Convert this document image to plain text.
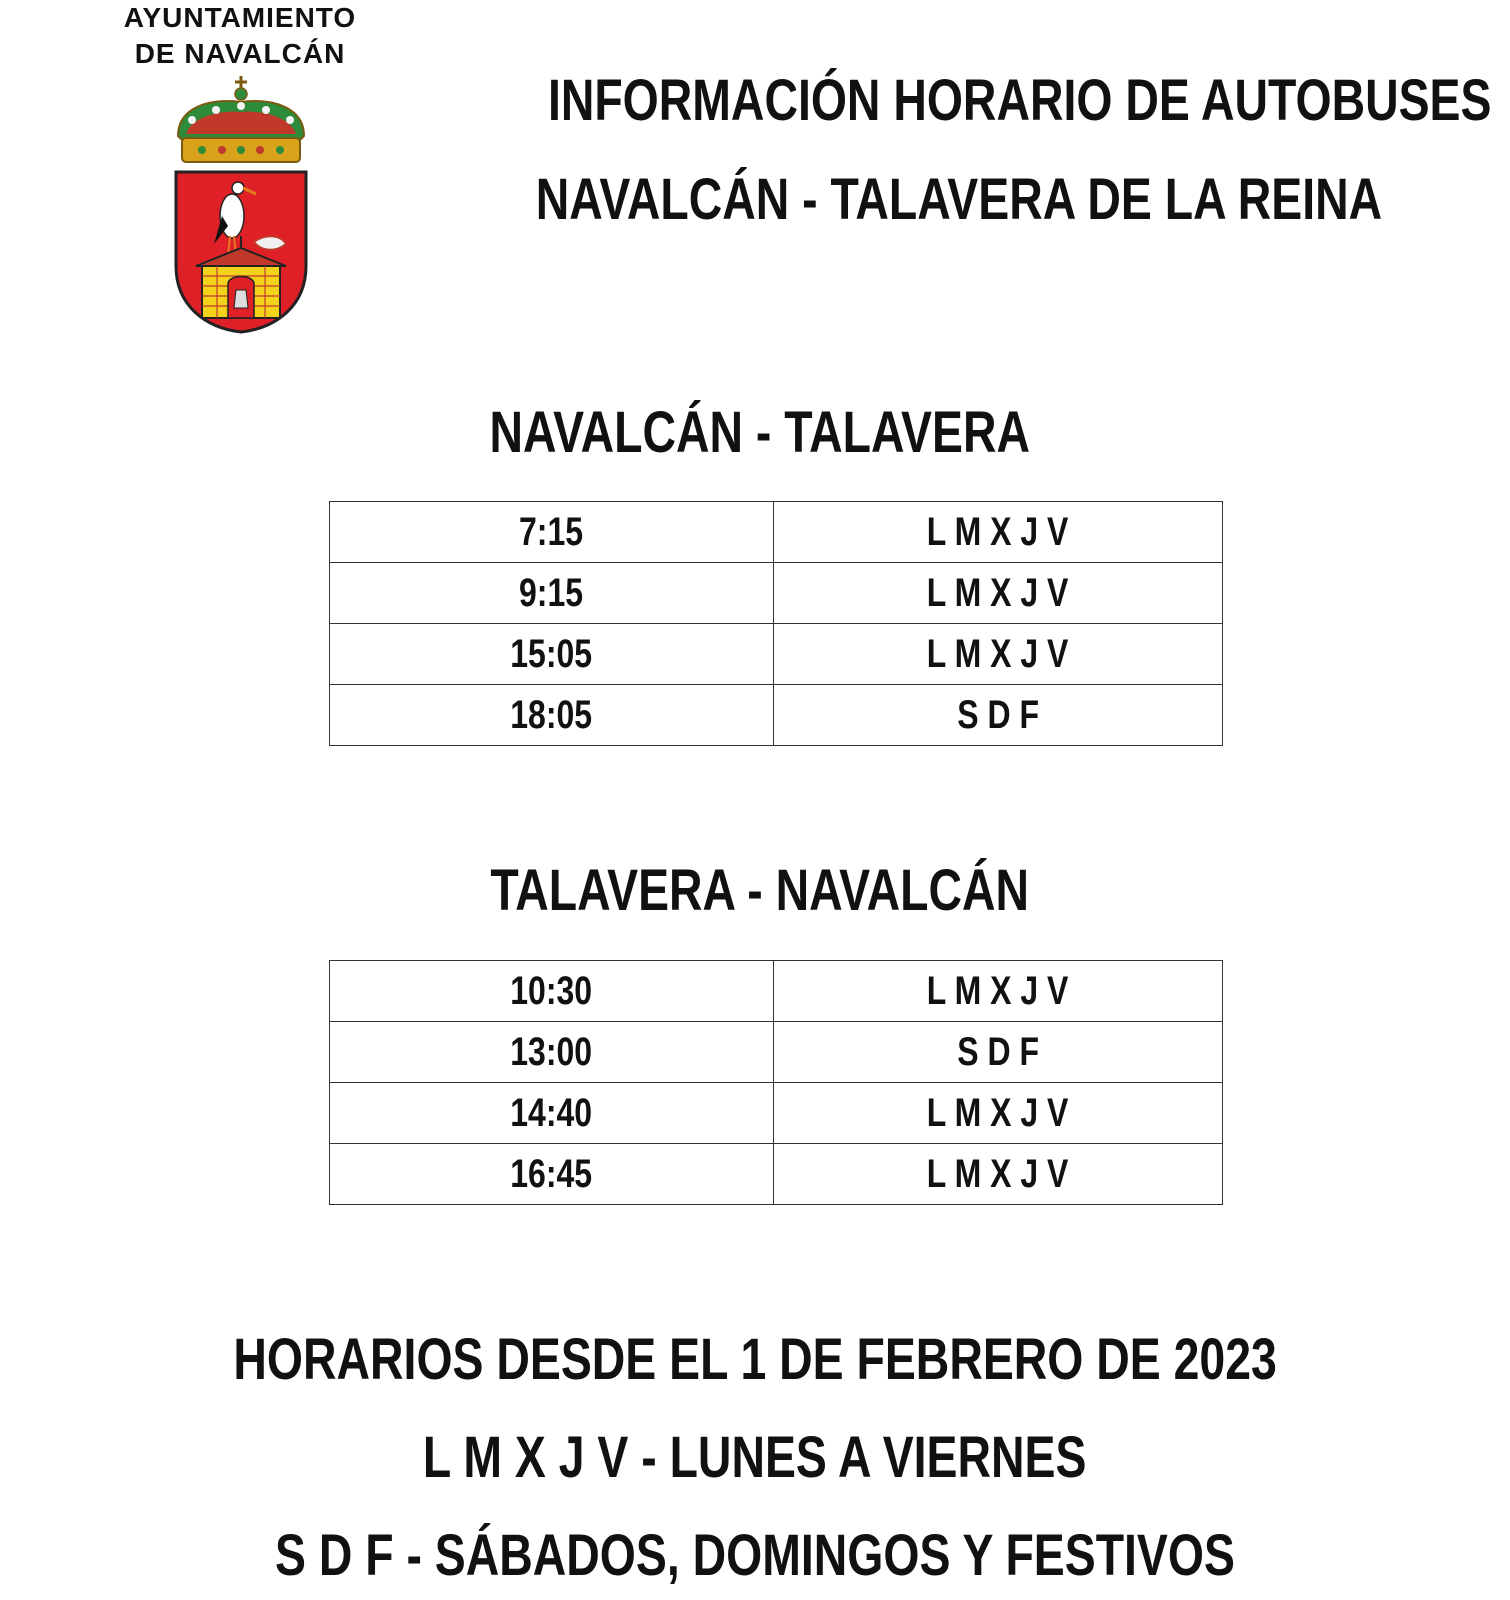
AYUNTAMIENTO
DE NAVALCÁN
INFORMACIÓN HORARIO DE AUTOBUSES
NAVALCÁN - TALAVERA DE LA REINA
NAVALCÁN - TALAVERA
7:15	L M X J V
9:15	L M X J V
15:05	L M X J V
18:05	S D F
TALAVERA - NAVALCÁN
10:30	L M X J V
13:00	S D F
14:40	L M X J V
16:45	L M X J V
HORARIOS DESDE EL 1 DE FEBRERO DE 2023
L M X J V - LUNES A VIERNES
S D F - SÁBADOS, DOMINGOS Y FESTIVOS
